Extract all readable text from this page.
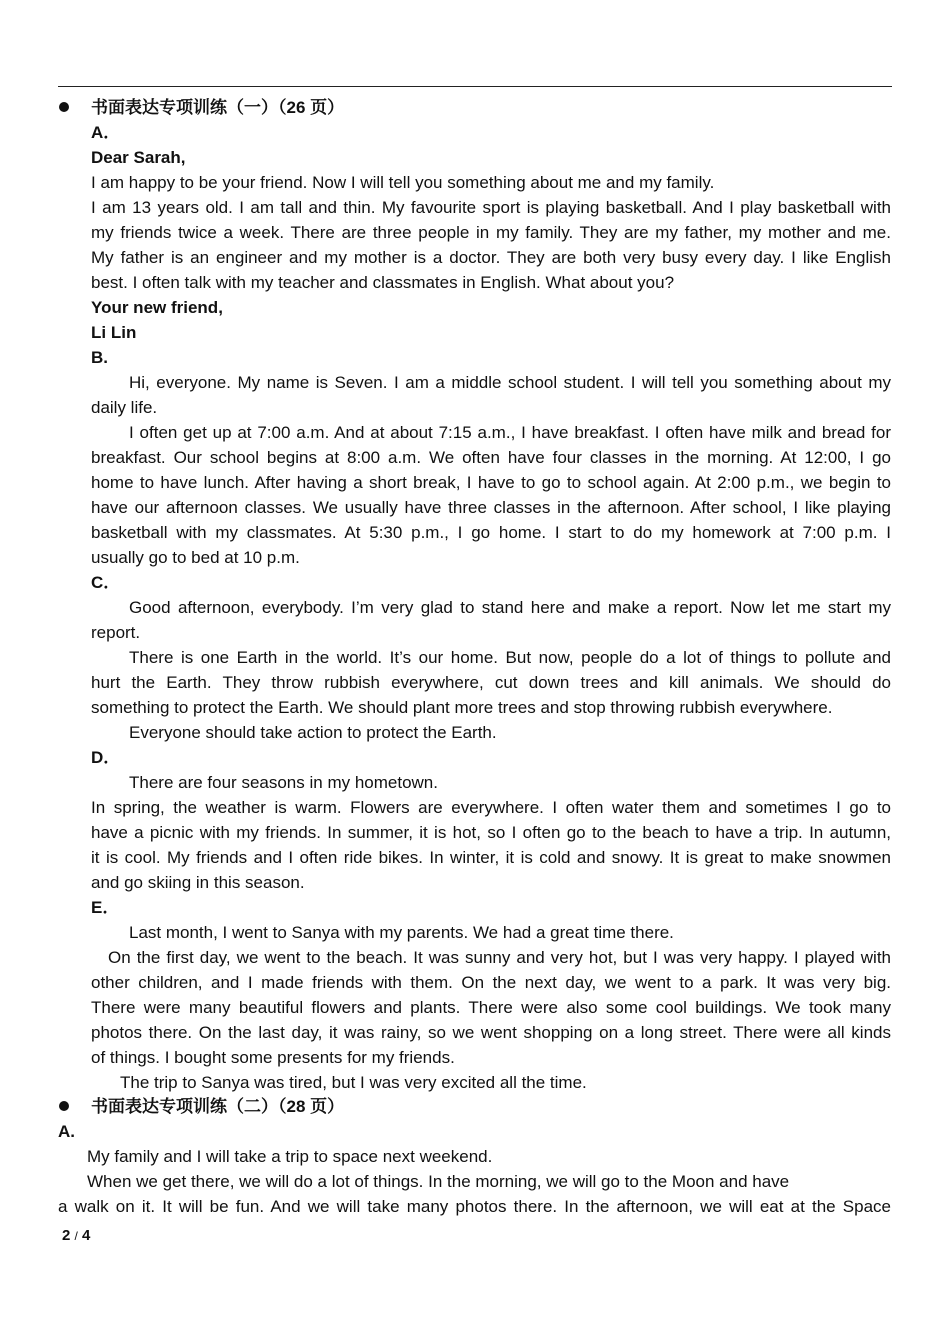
书面表达专项训练（一）（26 页）
A．
Dear Sarah,
I am happy to be your friend. Now I will tell you something about me and my family.
I am 13 years old. I am tall and thin. My favourite sport is playing basketball. And I play basketball with
my friends twice a week. There are three people in my family. They are my father, my mother and me.
My father is an engineer and my mother is a doctor. They are both very busy every day. I like English
best. I often talk with my teacher and classmates in English. What about you?
Your new friend,
Li Lin
B.
Hi, everyone. My name is Seven. I am a middle school student. I will tell you something about my
daily life.
I often get up at 7:00 a.m. And at about 7:15 a.m., I have breakfast. I often have milk and bread for
breakfast. Our school begins at 8:00 a.m. We often have four classes in the morning. At 12:00, I go
home to have lunch. After having a short break, I have to go to school again. At 2:00 p.m., we begin to
have our afternoon classes. We usually have three classes in the afternoon. After school, I like playing
basketball with my classmates. At 5:30 p.m., I go home. I start to do my homework at 7:00 p.m. I
usually go to bed at 10 p.m.
C．
Good afternoon, everybody. I’m very glad to stand here and make a report. Now let me start my
report.
There is one Earth in the world. It’s our home. But now, people do a lot of things to pollute and
hurt the Earth. They throw rubbish everywhere, cut down trees and kill animals. We should do
something to protect the Earth. We should plant more trees and stop throwing rubbish everywhere.
Everyone should take action to protect the Earth.
D．
There are four seasons in my hometown.
In spring, the weather is warm. Flowers are everywhere. I often water them and sometimes I go to
have a picnic with my friends. In summer, it is hot, so I often go to the beach to have a trip. In autumn,
it is cool. My friends and I often ride bikes. In winter, it is cold and snowy. It is great to make snowmen
and go skiing in this season.
E．
Last month, I went to Sanya with my parents. We had a great time there.
On the first day, we went to the beach. It was sunny and very hot, but I was very happy. I played with
other children, and I made friends with them. On the next day, we went to a park. It was very big.
There were many beautiful flowers and plants. There were also some cool buildings. We took many
photos there. On the last day, it was rainy, so we went shopping on a long street. There were all kinds
of things. I bought some presents for my friends.
The trip to Sanya was tired, but I was very excited all the time.
书面表达专项训练（二）（28 页）
A.
My family and I will take a trip to space next weekend.
When we get there, we will do a lot of things. In the morning, we will go to the Moon and have
a walk on it. It will be fun. And we will take many photos there. In the afternoon, we will eat at the Space
2 / 4
